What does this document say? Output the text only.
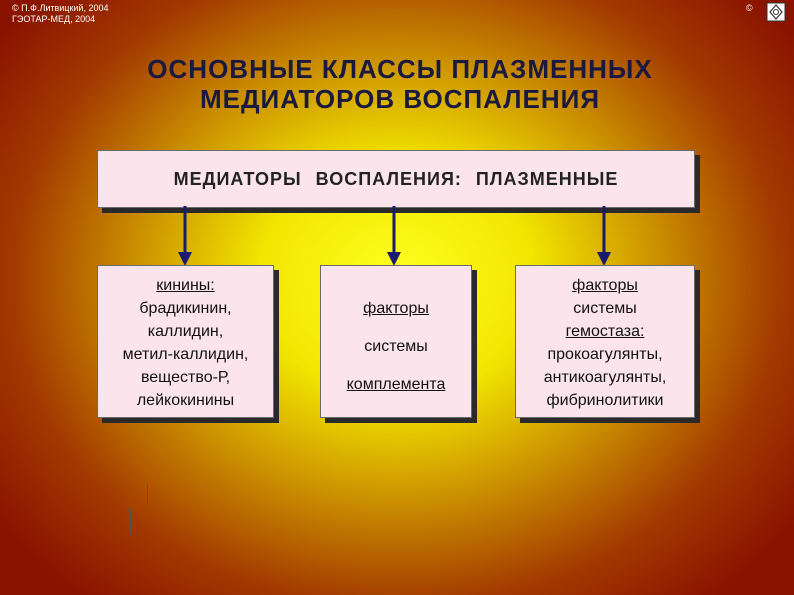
© П.Ф.Литвицкий, 2004
ГЭОТАР-МЕД, 2004
©
ОСНОВНЫЕ КЛАССЫ ПЛАЗМЕННЫХ
МЕДИАТОРОВ ВОСПАЛЕНИЯ
МЕДИАТОРЫ ВОСПАЛЕНИЯ: ПЛАЗМЕННЫЕ
кинины:
брадикинин,
каллидин,
метил-каллидин,
вещество-Р,
лейкокинины
факторы
системы
комплемента
факторы
системы
гемостаза:
прокоагулянты,
антикоагулянты,
фибринолитики
